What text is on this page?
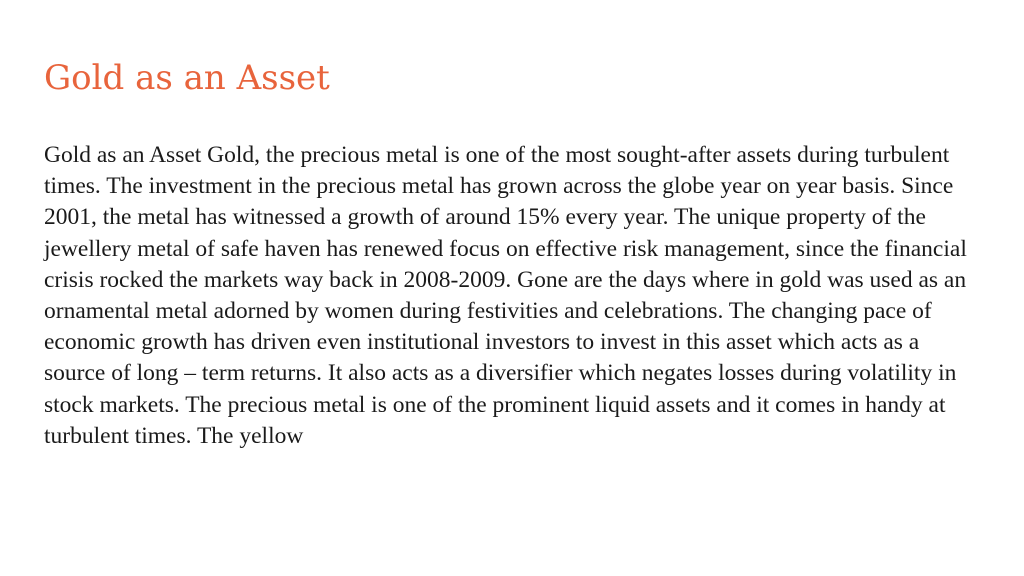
Gold as an Asset

Gold as an Asset Gold, the precious metal is one of the most sought-after assets during turbulent times. The investment in the precious metal has grown across the globe year on year basis. Since 2001, the metal has witnessed a growth of around 15% every year. The unique property of the jewellery metal of safe haven has renewed focus on effective risk management, since the financial crisis rocked the markets way back in 2008-2009. Gone are the days where in gold was used as an ornamental metal adorned by women during festivities and celebrations. The changing pace of economic growth has driven even institutional investors to invest in this asset which acts as a source of long – term returns. It also acts as a diversifier which negates losses during volatility in stock markets. The precious metal is one of the prominent liquid assets and it comes in handy at turbulent times. The yellow
